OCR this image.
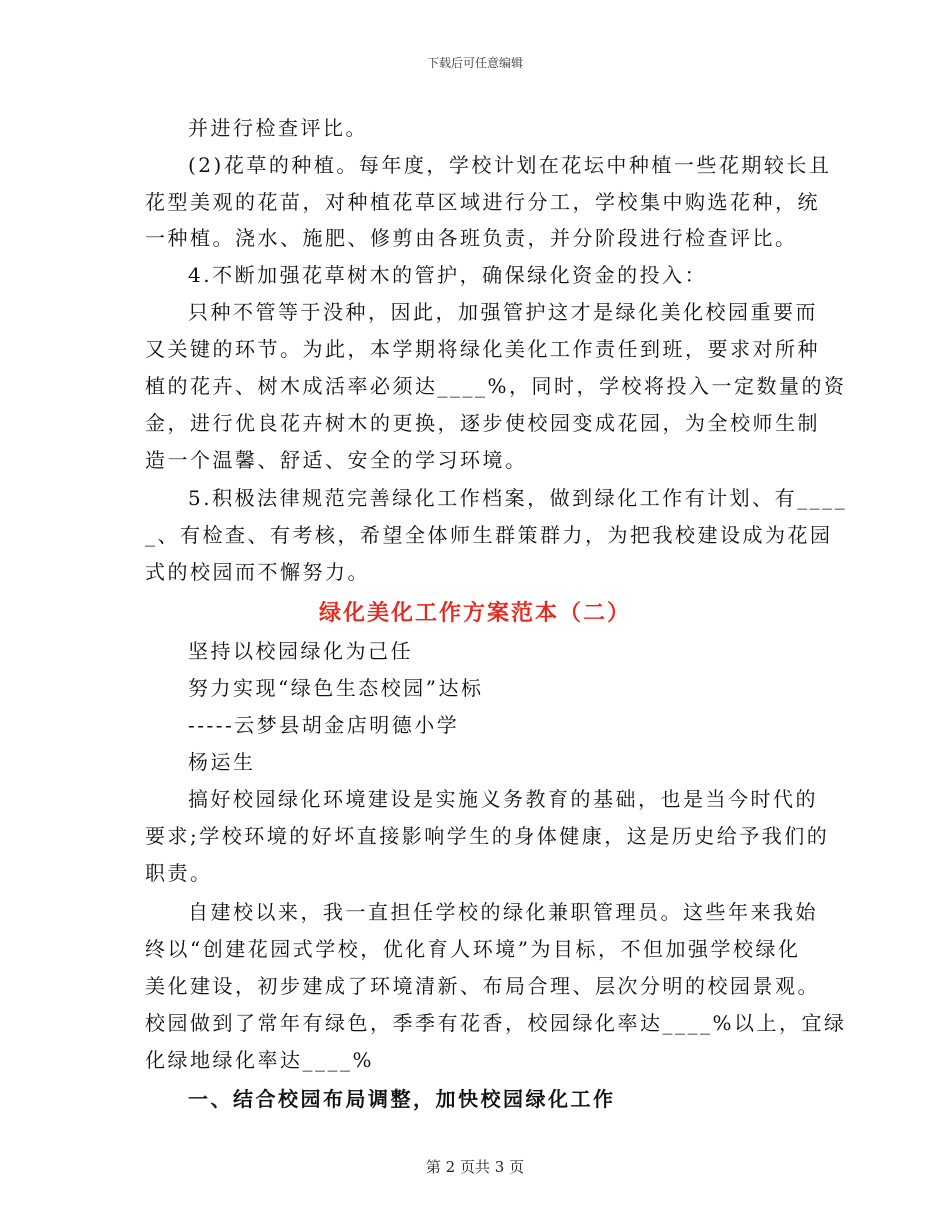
下载后可任意编辑
并进行检查评比。
(2)花草的种植。每年度，学校计划在花坛中种植一些花期较长且
花型美观的花苗，对种植花草区域进行分工，学校集中购选花种，统
一种植。浇水、施肥、修剪由各班负责，并分阶段进行检查评比。
4.不断加强花草树木的管护，确保绿化资金的投入：
只种不管等于没种，因此，加强管护这才是绿化美化校园重要而
又关键的环节。为此，本学期将绿化美化工作责任到班，要求对所种
植的花卉、树木成活率必须达____%，同时，学校将投入一定数量的资
金，进行优良花卉树木的更换，逐步使校园变成花园，为全校师生制
造一个温馨、舒适、安全的学习环境。
5.积极法律规范完善绿化工作档案，做到绿化工作有计划、有____
_、有检查、有考核，希望全体师生群策群力，为把我校建设成为花园
式的校园而不懈努力。
绿化美化工作方案范本（二）
坚持以校园绿化为己任
努力实现“绿色生态校园”达标
-----云梦县胡金店明德小学
杨运生
搞好校园绿化环境建设是实施义务教育的基础，也是当今时代的
要求;学校环境的好坏直接影响学生的身体健康，这是历史给予我们的
职责。
自建校以来，我一直担任学校的绿化兼职管理员。这些年来我始
终以“创建花园式学校，优化育人环境”为目标，不但加强学校绿化
美化建设，初步建成了环境清新、布局合理、层次分明的校园景观。
校园做到了常年有绿色，季季有花香，校园绿化率达____%以上，宜绿
化绿地绿化率达____%
一、结合校园布局调整，加快校园绿化工作
第 2 页共 3 页
